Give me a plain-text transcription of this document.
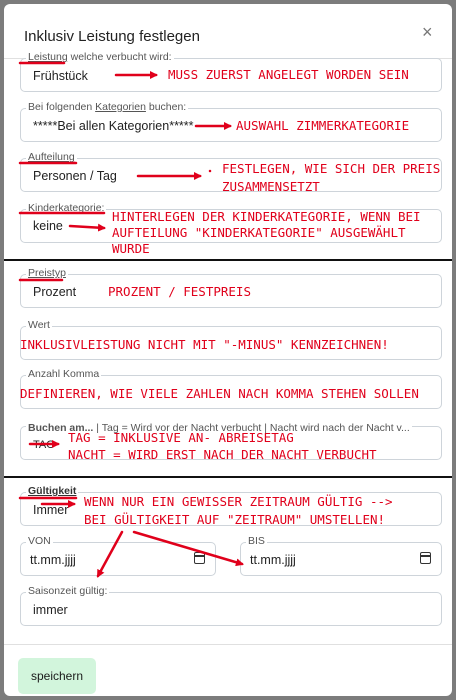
Inklusiv Leistung festlegen	×
Leistung welche verbucht wird:
Frühstück	MUSS ZUERST ANGELEGT WORDEN SEIN
Bei folgenden Kategorien buchen:
*****Bei allen Kategorien*****	AUSWAHL ZIMMERKATEGORIE
Aufteilung
Personen / Tag	FESTLEGEN, WIE SICH DER PREIS
ZUSAMMENSETZT
Kinderkategorie:
keine
HINTERLEGEN DER KINDERKATEGORIE, WENN BEI
AUFTEILUNG "KINDERKATEGORIE" AUSGEWÄHLT
WURDE
Preistyp
Prozent	PROZENT / FESTPREIS
Wert
INKLUSIVLEISTUNG NICHT MIT "-MINUS" KENNZEICHNEN!
Anzahl Komma
DEFINIEREN, WIE VIELE ZAHLEN NACH KOMMA STEHEN SOLLEN
Buchen am... | Tag = Wird vor der Nacht verbucht | Nacht wird nach der Nacht v...
TAG TAG = INKLUSIVE AN- ABREISETAG
NACHT = WIRD ERST NACH DER NACHT VERBUCHT
Gültigkeit
Immer
WENN NUR EIN GEWISSER ZEITRAUM GÜLTIG -->
BEI GÜLTIGKEIT AUF "ZEITRAUM" UMSTELLEN!
VON
tt.mm.jjjj
BIS
tt.mm.jjjj
Saisonzeit gültig:
immer
speichern
